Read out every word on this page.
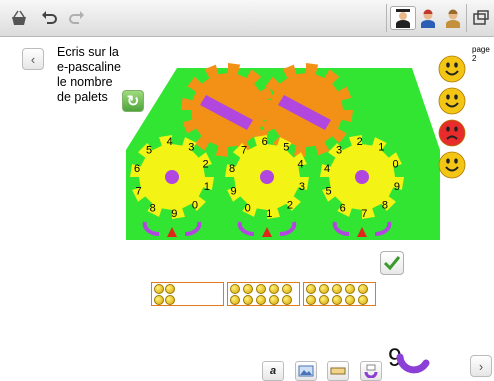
‹ Ecris sur la
e-pascaline
le nombre
de palets	↻
page 2
5
4 3
2
1
0
9
8
7
6
7
6 5
4
3
2
1
0
9
8
3
2 1
0
9
8
7
6
5
4
a	9	›
